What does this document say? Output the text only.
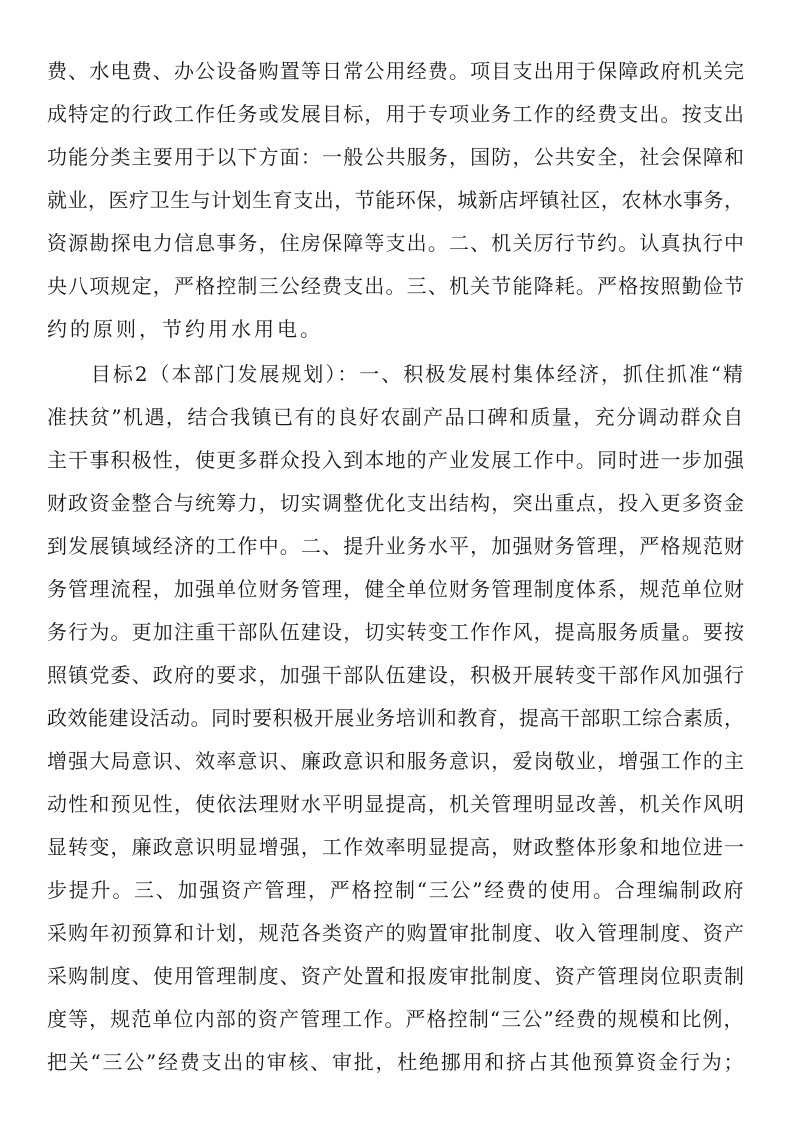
费、水电费、办公设备购置等日常公用经费。项目支出用于保障政府机关完
成特定的行政工作任务或发展目标，用于专项业务工作的经费支出。按支出
功能分类主要用于以下方面：一般公共服务，国防，公共安全，社会保障和
就业，医疗卫生与计划生育支出，节能环保，城新店坪镇社区，农林水事务，
资源勘探电力信息事务，住房保障等支出。二、机关厉行节约。认真执行中
央八项规定，严格控制三公经费支出。三、机关节能降耗。严格按照勤俭节
约的原则，节约用水用电。
　　目标2（本部门发展规划）：一、积极发展村集体经济，抓住抓准“精
准扶贫”机遇，结合我镇已有的良好农副产品口碑和质量，充分调动群众自
主干事积极性，使更多群众投入到本地的产业发展工作中。同时进一步加强
财政资金整合与统筹力，切实调整优化支出结构，突出重点，投入更多资金
到发展镇域经济的工作中。二、提升业务水平，加强财务管理，严格规范财
务管理流程，加强单位财务管理，健全单位财务管理制度体系，规范单位财
务行为。更加注重干部队伍建设，切实转变工作作风，提高服务质量。要按
照镇党委、政府的要求，加强干部队伍建设，积极开展转变干部作风加强行
政效能建设活动。同时要积极开展业务培训和教育，提高干部职工综合素质，
增强大局意识、效率意识、廉政意识和服务意识，爱岗敬业，增强工作的主
动性和预见性，使依法理财水平明显提高，机关管理明显改善，机关作风明
显转变，廉政意识明显增强，工作效率明显提高，财政整体形象和地位进一
步提升。三、加强资产管理，严格控制“三公”经费的使用。合理编制政府
采购年初预算和计划，规范各类资产的购置审批制度、收入管理制度、资产
采购制度、使用管理制度、资产处置和报废审批制度、资产管理岗位职责制
度等，规范单位内部的资产管理工作。严格控制“三公”经费的规模和比例，
把关“三公”经费支出的审核、审批，杜绝挪用和挤占其他预算资金行为；
